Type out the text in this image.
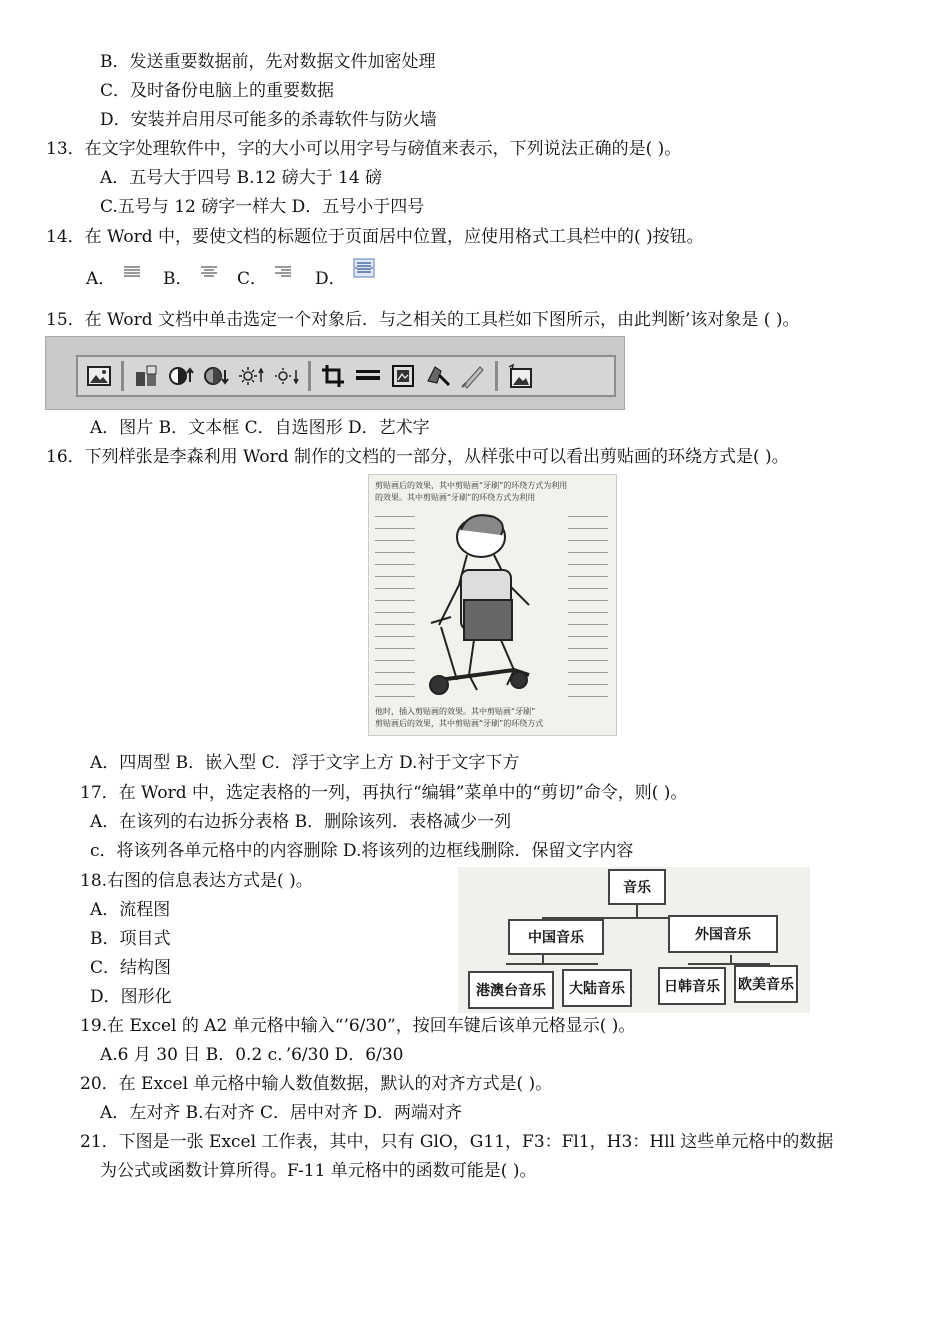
B．发送重要数据前，先对数据文件加密处理
C．及时备份电脑上的重要数据
D．安装并启用尽可能多的杀毒软件与防火墙
13．在文字处理软件中，字的大小可以用字号与磅值来表示，下列说法正确的是( )。
A．五号大于四号 B.12 磅大于 14 磅
C.五号与 12 磅字一样大 D．五号小于四号
14．在 Word 中，要使文档的标题位于页面居中位置，应使用格式工具栏中的( )按钮。
A．	B．	C．	D．
15．在 Word 文档中单击选定一个对象后．与之相关的工具栏如下图所示，由此判断’该对象是 ( )。
A．图片 B．文本框 C．自选图形 D．艺术字
16．下列样张是李森利用 Word 制作的文档的一部分，从样张中可以看出剪贴画的环绕方式是( )。
剪贴画后的效果，其中剪贴画“牙刷”的环绕方式为利用
的效果。其中剪贴画“牙刷”的环绕方式为利用
他时，插入剪贴画的效果。其中剪贴画“牙刷”
剪贴画后的效果，其中剪贴画“牙刷”的环绕方式
A．四周型 B．嵌入型 C．浮于文字上方 D.衬于文字下方
17．在 Word 中，选定表格的一列，再执行“编辑”菜单中的“剪切”命令，则( )。
A．在该列的右边拆分表格 B．删除该列．表格减少一列
c．将该列各单元格中的内容删除 D.将该列的边框线删除．保留文字内容
18.右图的信息表达方式是( )。
A．流程图
B．项目式
C．结构图
D．图形化
音乐
中国音乐	外国音乐
港澳台音乐	大陆音乐	日韩音乐	欧美音乐
19.在 Excel 的 A2 单元格中输入“’6/30”，按回车键后该单元格显示( )。
A.6 月 30 日 B．0.2 c．’6/30 D．6/30
20．在 Excel 单元格中输人数值数据，默认的对齐方式是( )。
A．左对齐 B.右对齐 C．居中对齐 D．两端对齐
21．下图是一张 Excel 工作表，其中，只有 GlO，G11，F3：Fl1，H3：Hll 这些单元格中的数据
为公式或函数计算所得。F-11 单元格中的函数可能是( )。
